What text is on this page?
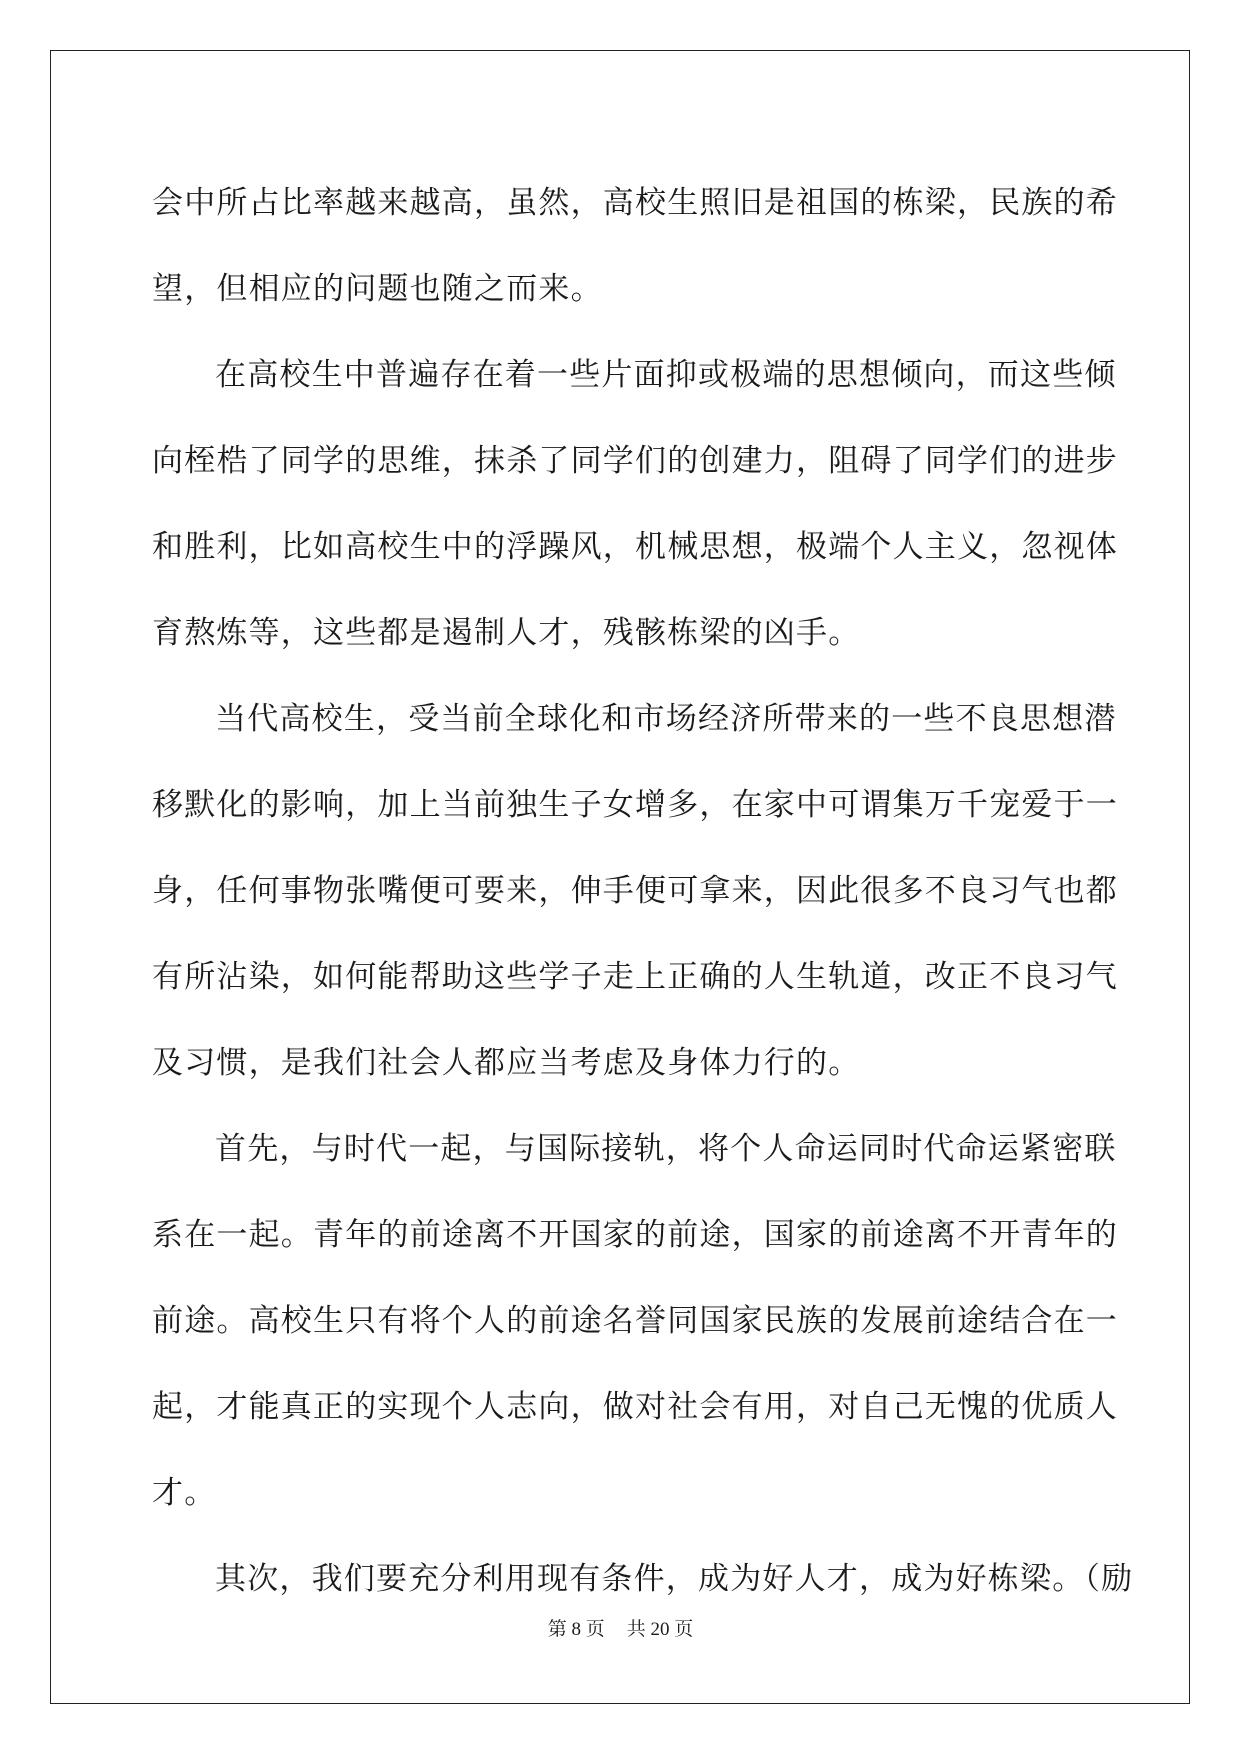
会中所占比率越来越高，虽然，高校生照旧是祖国的栋梁，民族的希
望，但相应的问题也随之而来。
在高校生中普遍存在着一些片面抑或极端的思想倾向，而这些倾
向桎梏了同学的思维，抹杀了同学们的创建力，阻碍了同学们的进步
和胜利，比如高校生中的浮躁风，机械思想，极端个人主义，忽视体
育熬炼等，这些都是遏制人才，残骸栋梁的凶手。
当代高校生，受当前全球化和市场经济所带来的一些不良思想潜
移默化的影响，加上当前独生子女增多，在家中可谓集万千宠爱于一
身，任何事物张嘴便可要来，伸手便可拿来，因此很多不良习气也都
有所沾染，如何能帮助这些学子走上正确的人生轨道，改正不良习气
及习惯，是我们社会人都应当考虑及身体力行的。
首先，与时代一起，与国际接轨，将个人命运同时代命运紧密联
系在一起。青年的前途离不开国家的前途，国家的前途离不开青年的
前途。高校生只有将个人的前途名誉同国家民族的发展前途结合在一
起，才能真正的实现个人志向，做对社会有用，对自己无愧的优质人
才。
其次，我们要充分利用现有条件，成为好人才，成为好栋梁。（励
第 8 页 共 20 页
